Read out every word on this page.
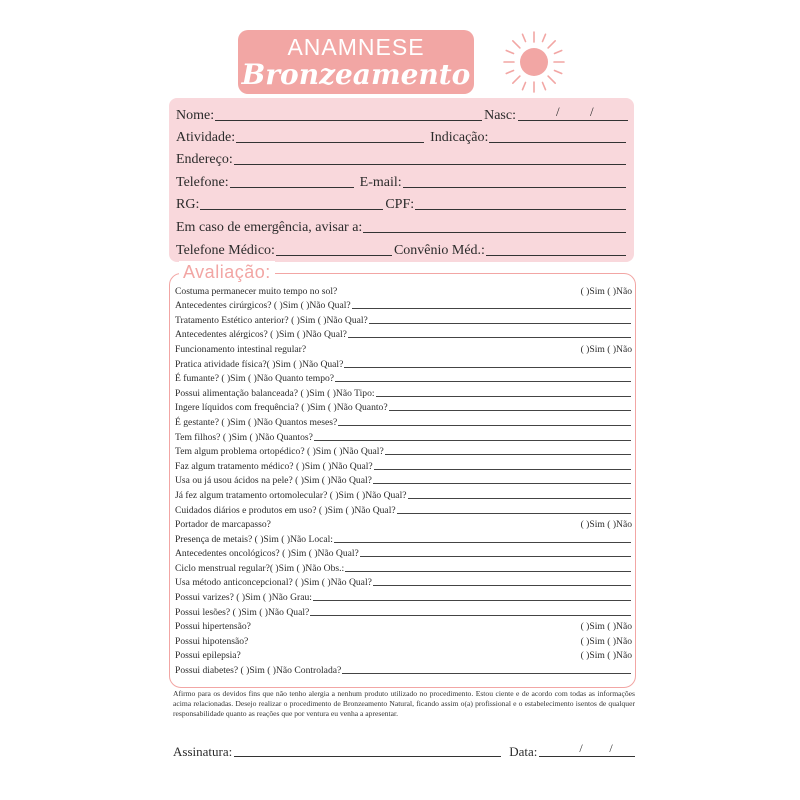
ANAMNESE
Bronzeamento
Nome:	Nasc:	/ /
Atividade:	Indicação:
Endereço:
Telefone:	E-mail:
RG:	CPF:
Em caso de emergência, avisar a:
Telefone Médico:	Convênio Méd.:
Avaliação:
Costuma permanecer muito tempo no sol?	( )Sim ( )Não
Antecedentes cirúrgicos? ( )Sim ( )Não Qual?
Tratamento Estético anterior? ( )Sim ( )Não Qual?
Antecedentes alérgicos? ( )Sim ( )Não Qual?
Funcionamento intestinal regular?	( )Sim ( )Não
Pratica atividade física?( )Sim ( )Não Qual?
É fumante? ( )Sim ( )Não Quanto tempo?
Possui alimentação balanceada? ( )Sim ( )Não Tipo:
Ingere líquidos com frequência? ( )Sim ( )Não Quanto?
É gestante? ( )Sim ( )Não Quantos meses?
Tem filhos? ( )Sim ( )Não Quantos?
Tem algum problema ortopédico? ( )Sim ( )Não Qual?
Faz algum tratamento médico? ( )Sim ( )Não Qual?
Usa ou já usou ácidos na pele? ( )Sim ( )Não Qual?
Já fez algum tratamento ortomolecular? ( )Sim ( )Não Qual?
Cuidados diários e produtos em uso? ( )Sim ( )Não Qual?
Portador de marcapasso?	( )Sim ( )Não
Presença de metais? ( )Sim ( )Não Local:
Antecedentes oncológicos? ( )Sim ( )Não Qual?
Ciclo menstrual regular?( )Sim ( )Não Obs.:
Usa método anticoncepcional? ( )Sim ( )Não Qual?
Possui varizes? ( )Sim ( )Não Grau:
Possui lesões? ( )Sim ( )Não Qual?
Possui hipertensão?	( )Sim ( )Não
Possui hipotensão?	( )Sim ( )Não
Possui epilepsia?	( )Sim ( )Não
Possui diabetes? ( )Sim ( )Não Controlada?
Afirmo para os devidos fins que não tenho alergia a nenhum produto utilizado no procedimento. Estou ciente e de acordo com todas as informações acima relacionadas. Desejo realizar o procedimento de Bronzeamento Natural, ficando assim o(a) profissional e o estabelecimento isentos de qualquer responsabilidade quanto as reações que por ventura eu venha a apresentar.
Assinatura:	Data:	/ /
